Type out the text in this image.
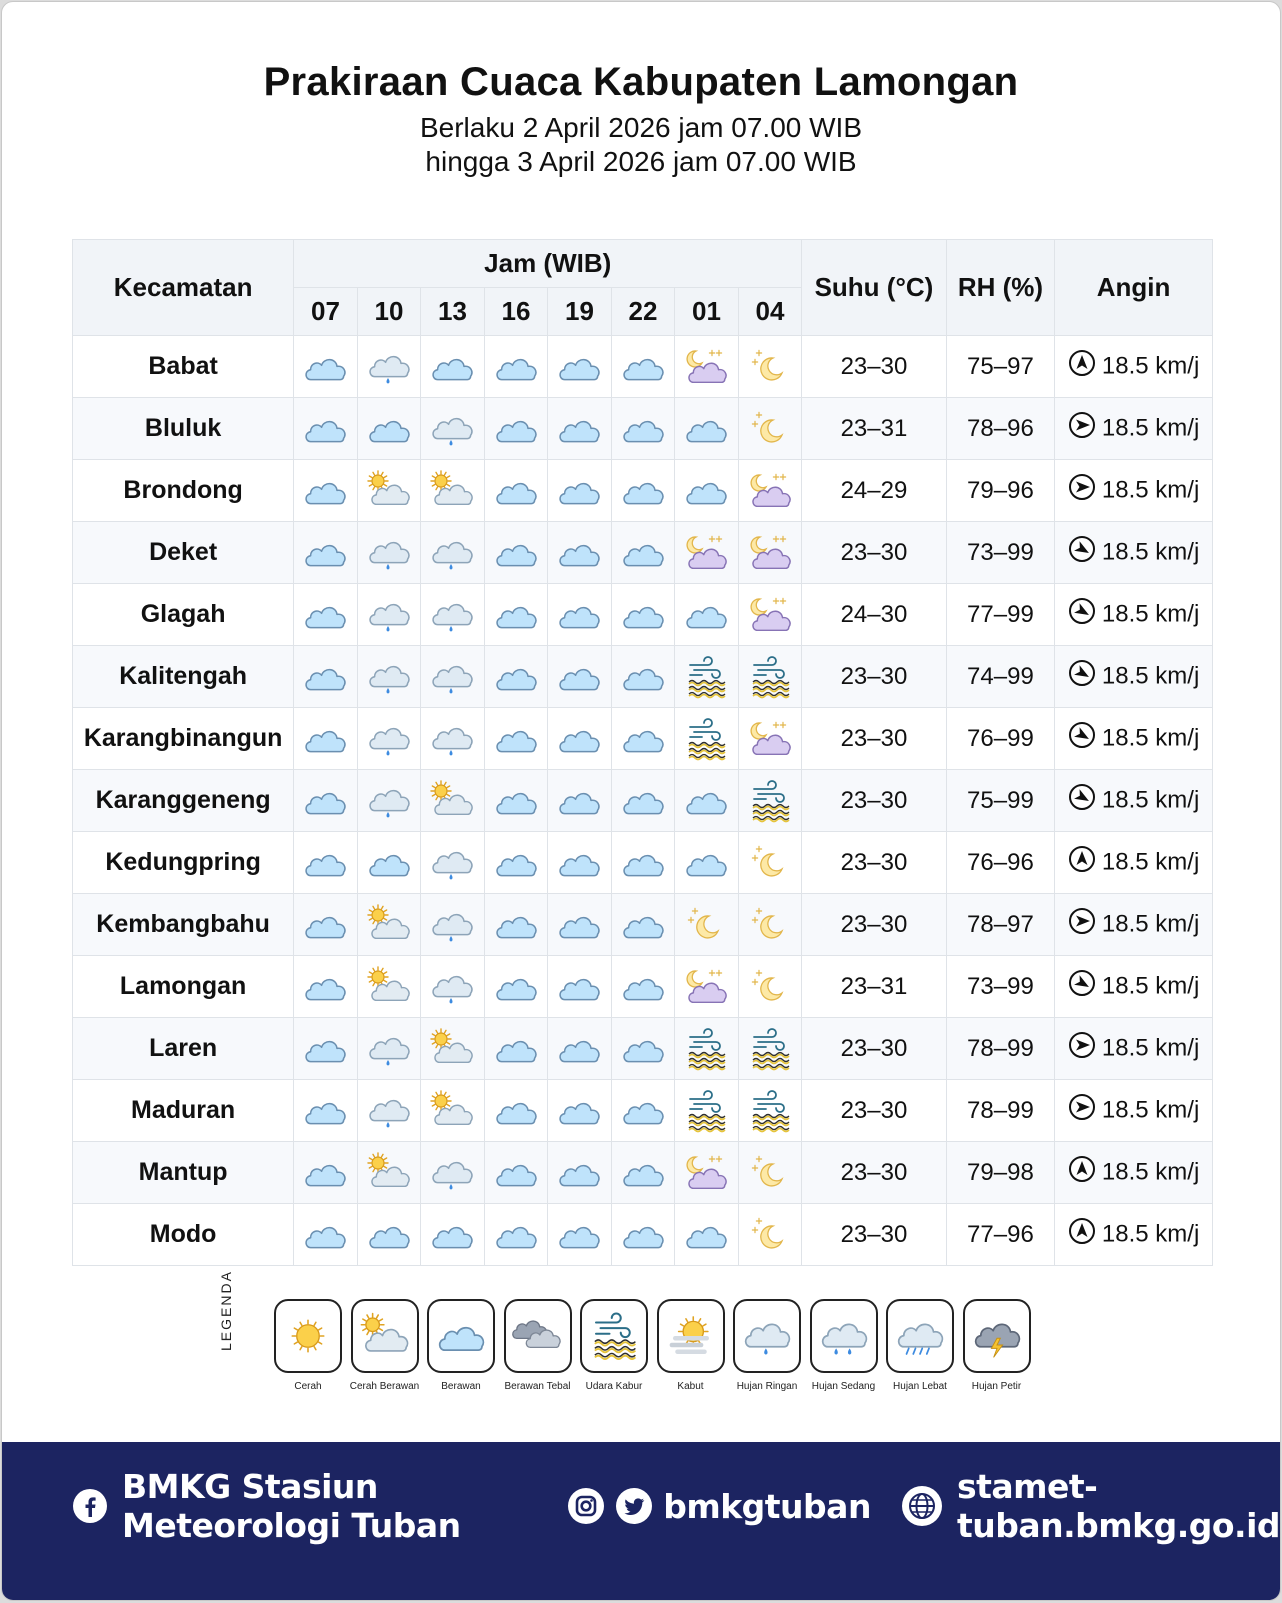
Prakiraan Cuaca Kabupaten Lamongan
Berlaku 2 April 2026 jam 07.00 WIB
hingga 3 April 2026 jam 07.00 WIB
Kecamatan	Jam (WIB)								Suhu (°C)	RH (%)	Angin
	07	10	13	16	19	22	01	04			
Babat									23–30	75–97	18.5 km/j
Bluluk									23–31	78–96	18.5 km/j
Brondong									24–29	79–96	18.5 km/j
Deket									23–30	73–99	18.5 km/j
Glagah									24–30	77–99	18.5 km/j
Kalitengah									23–30	74–99	18.5 km/j
Karangbinangun									23–30	76–99	18.5 km/j
Karanggeneng									23–30	75–99	18.5 km/j
Kedungpring									23–30	76–96	18.5 km/j
Kembangbahu									23–30	78–97	18.5 km/j
Lamongan									23–31	73–99	18.5 km/j
Laren									23–30	78–99	18.5 km/j
Maduran									23–30	78–99	18.5 km/j
Mantup									23–30	79–98	18.5 km/j
Modo									23–30	77–96	18.5 km/j
LEGENDA
Cerah	Cerah Berawan	Berawan	Berawan Tebal	Udara Kabur	Kabut	Hujan Ringan	Hujan Sedang	Hujan Lebat	Hujan Petir
BMKG Stasiun Meteorologi Tuban	bmkgtuban	stamet-tuban.bmkg.go.id
